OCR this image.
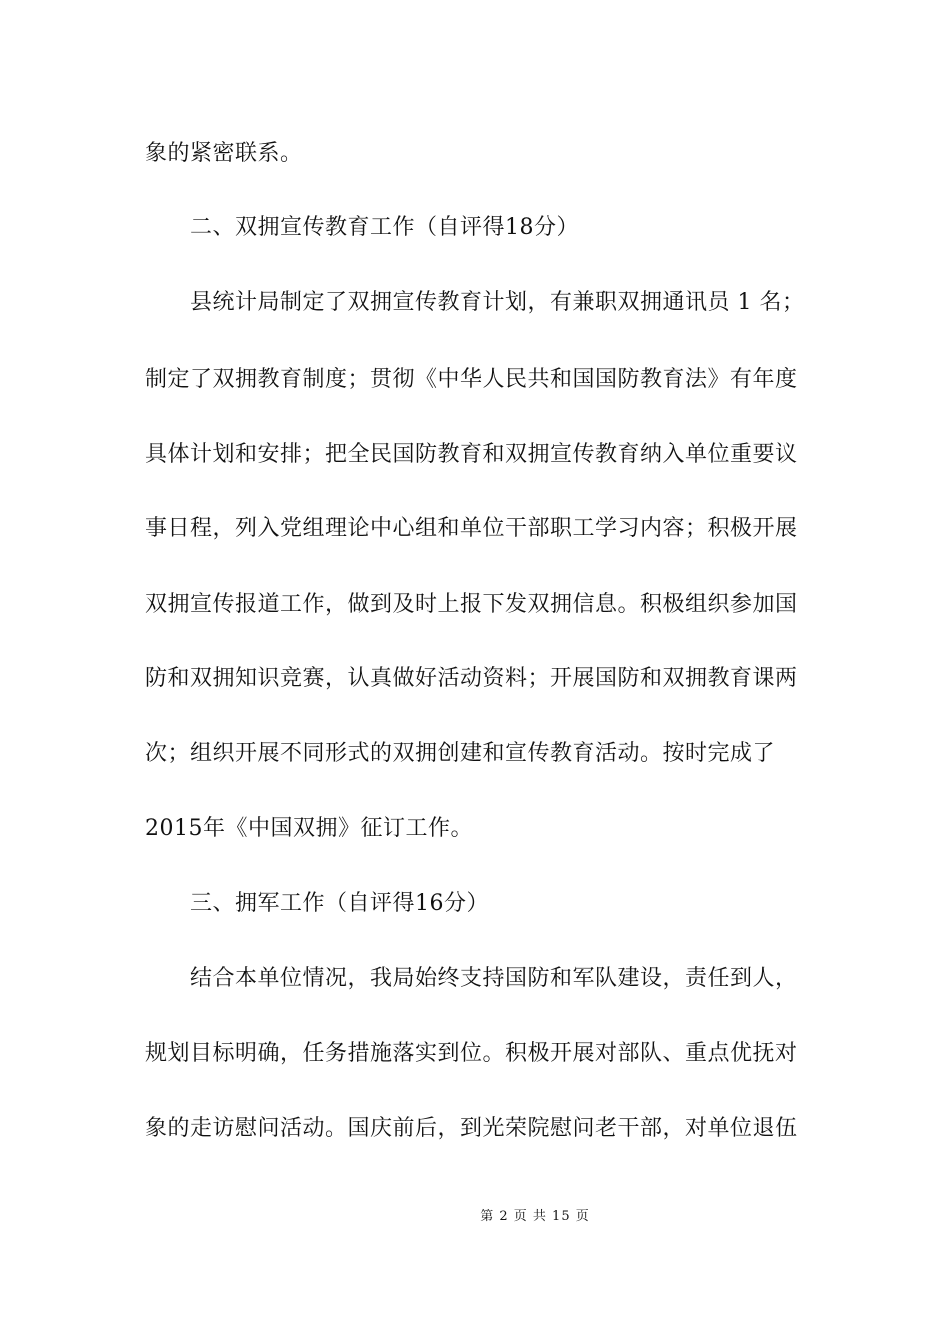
象的紧密联系。
二、双拥宣传教育工作（自评得18分）
县统计局制定了双拥宣传教育计划，有兼职双拥通讯员 1 名；
制定了双拥教育制度；贯彻《中华人民共和国国防教育法》有年度
具体计划和安排；把全民国防教育和双拥宣传教育纳入单位重要议
事日程，列入党组理论中心组和单位干部职工学习内容；积极开展
双拥宣传报道工作，做到及时上报下发双拥信息。积极组织参加国
防和双拥知识竞赛，认真做好活动资料；开展国防和双拥教育课两
次；组织开展不同形式的双拥创建和宣传教育活动。按时完成了
2015年《中国双拥》征订工作。
三、拥军工作（自评得16分）
结合本单位情况，我局始终支持国防和军队建设，责任到人，
规划目标明确，任务措施落实到位。积极开展对部队、重点优抚对
象的走访慰问活动。国庆前后，到光荣院慰问老干部，对单位退伍
第 2 页 共 15 页
